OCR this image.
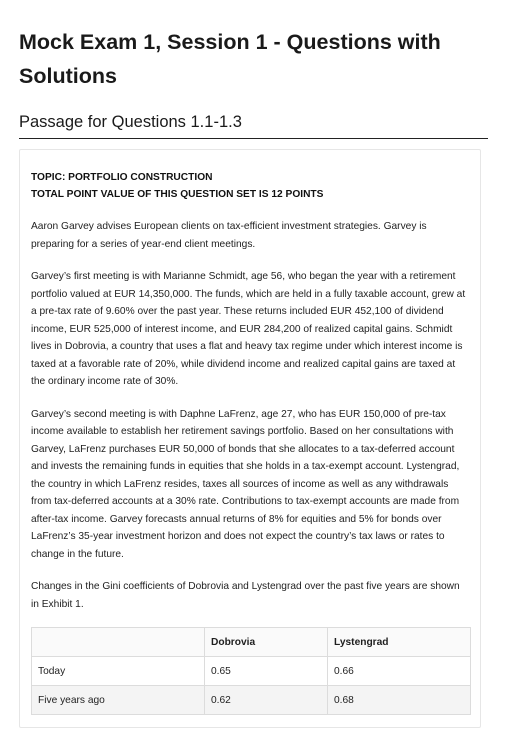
Mock Exam 1, Session 1 - Questions with Solutions
Passage for Questions 1.1-1.3
TOPIC: PORTFOLIO CONSTRUCTION
TOTAL POINT VALUE OF THIS QUESTION SET IS 12 POINTS

Aaron Garvey advises European clients on tax-efficient investment strategies. Garvey is preparing for a series of year-end client meetings.

Garvey’s first meeting is with Marianne Schmidt, age 56, who began the year with a retirement portfolio valued at EUR 14,350,000. The funds, which are held in a fully taxable account, grew at a pre-tax rate of 9.60% over the past year. These returns included EUR 452,100 of dividend income, EUR 525,000 of interest income, and EUR 284,200 of realized capital gains. Schmidt lives in Dobrovia, a country that uses a flat and heavy tax regime under which interest income is taxed at a favorable rate of 20%, while dividend income and realized capital gains are taxed at the ordinary income rate of 30%.

Garvey’s second meeting is with Daphne LaFrenz, age 27, who has EUR 150,000 of pre-tax income available to establish her retirement savings portfolio. Based on her consultations with Garvey, LaFrenz purchases EUR 50,000 of bonds that she allocates to a tax-deferred account and invests the remaining funds in equities that she holds in a tax-exempt account. Lystengrad, the country in which LaFrenz resides, taxes all sources of income as well as any withdrawals from tax-deferred accounts at a 30% rate. Contributions to tax-exempt accounts are made from after-tax income. Garvey forecasts annual returns of 8% for equities and 5% for bonds over LaFrenz’s 35-year investment horizon and does not expect the country’s tax laws or rates to change in the future.

Changes in the Gini coefficients of Dobrovia and Lystengrad over the past five years are shown in Exhibit 1.

	Dobrovia	Lystengrad
Today	0.65	0.66
Five years ago	0.62	0.68
